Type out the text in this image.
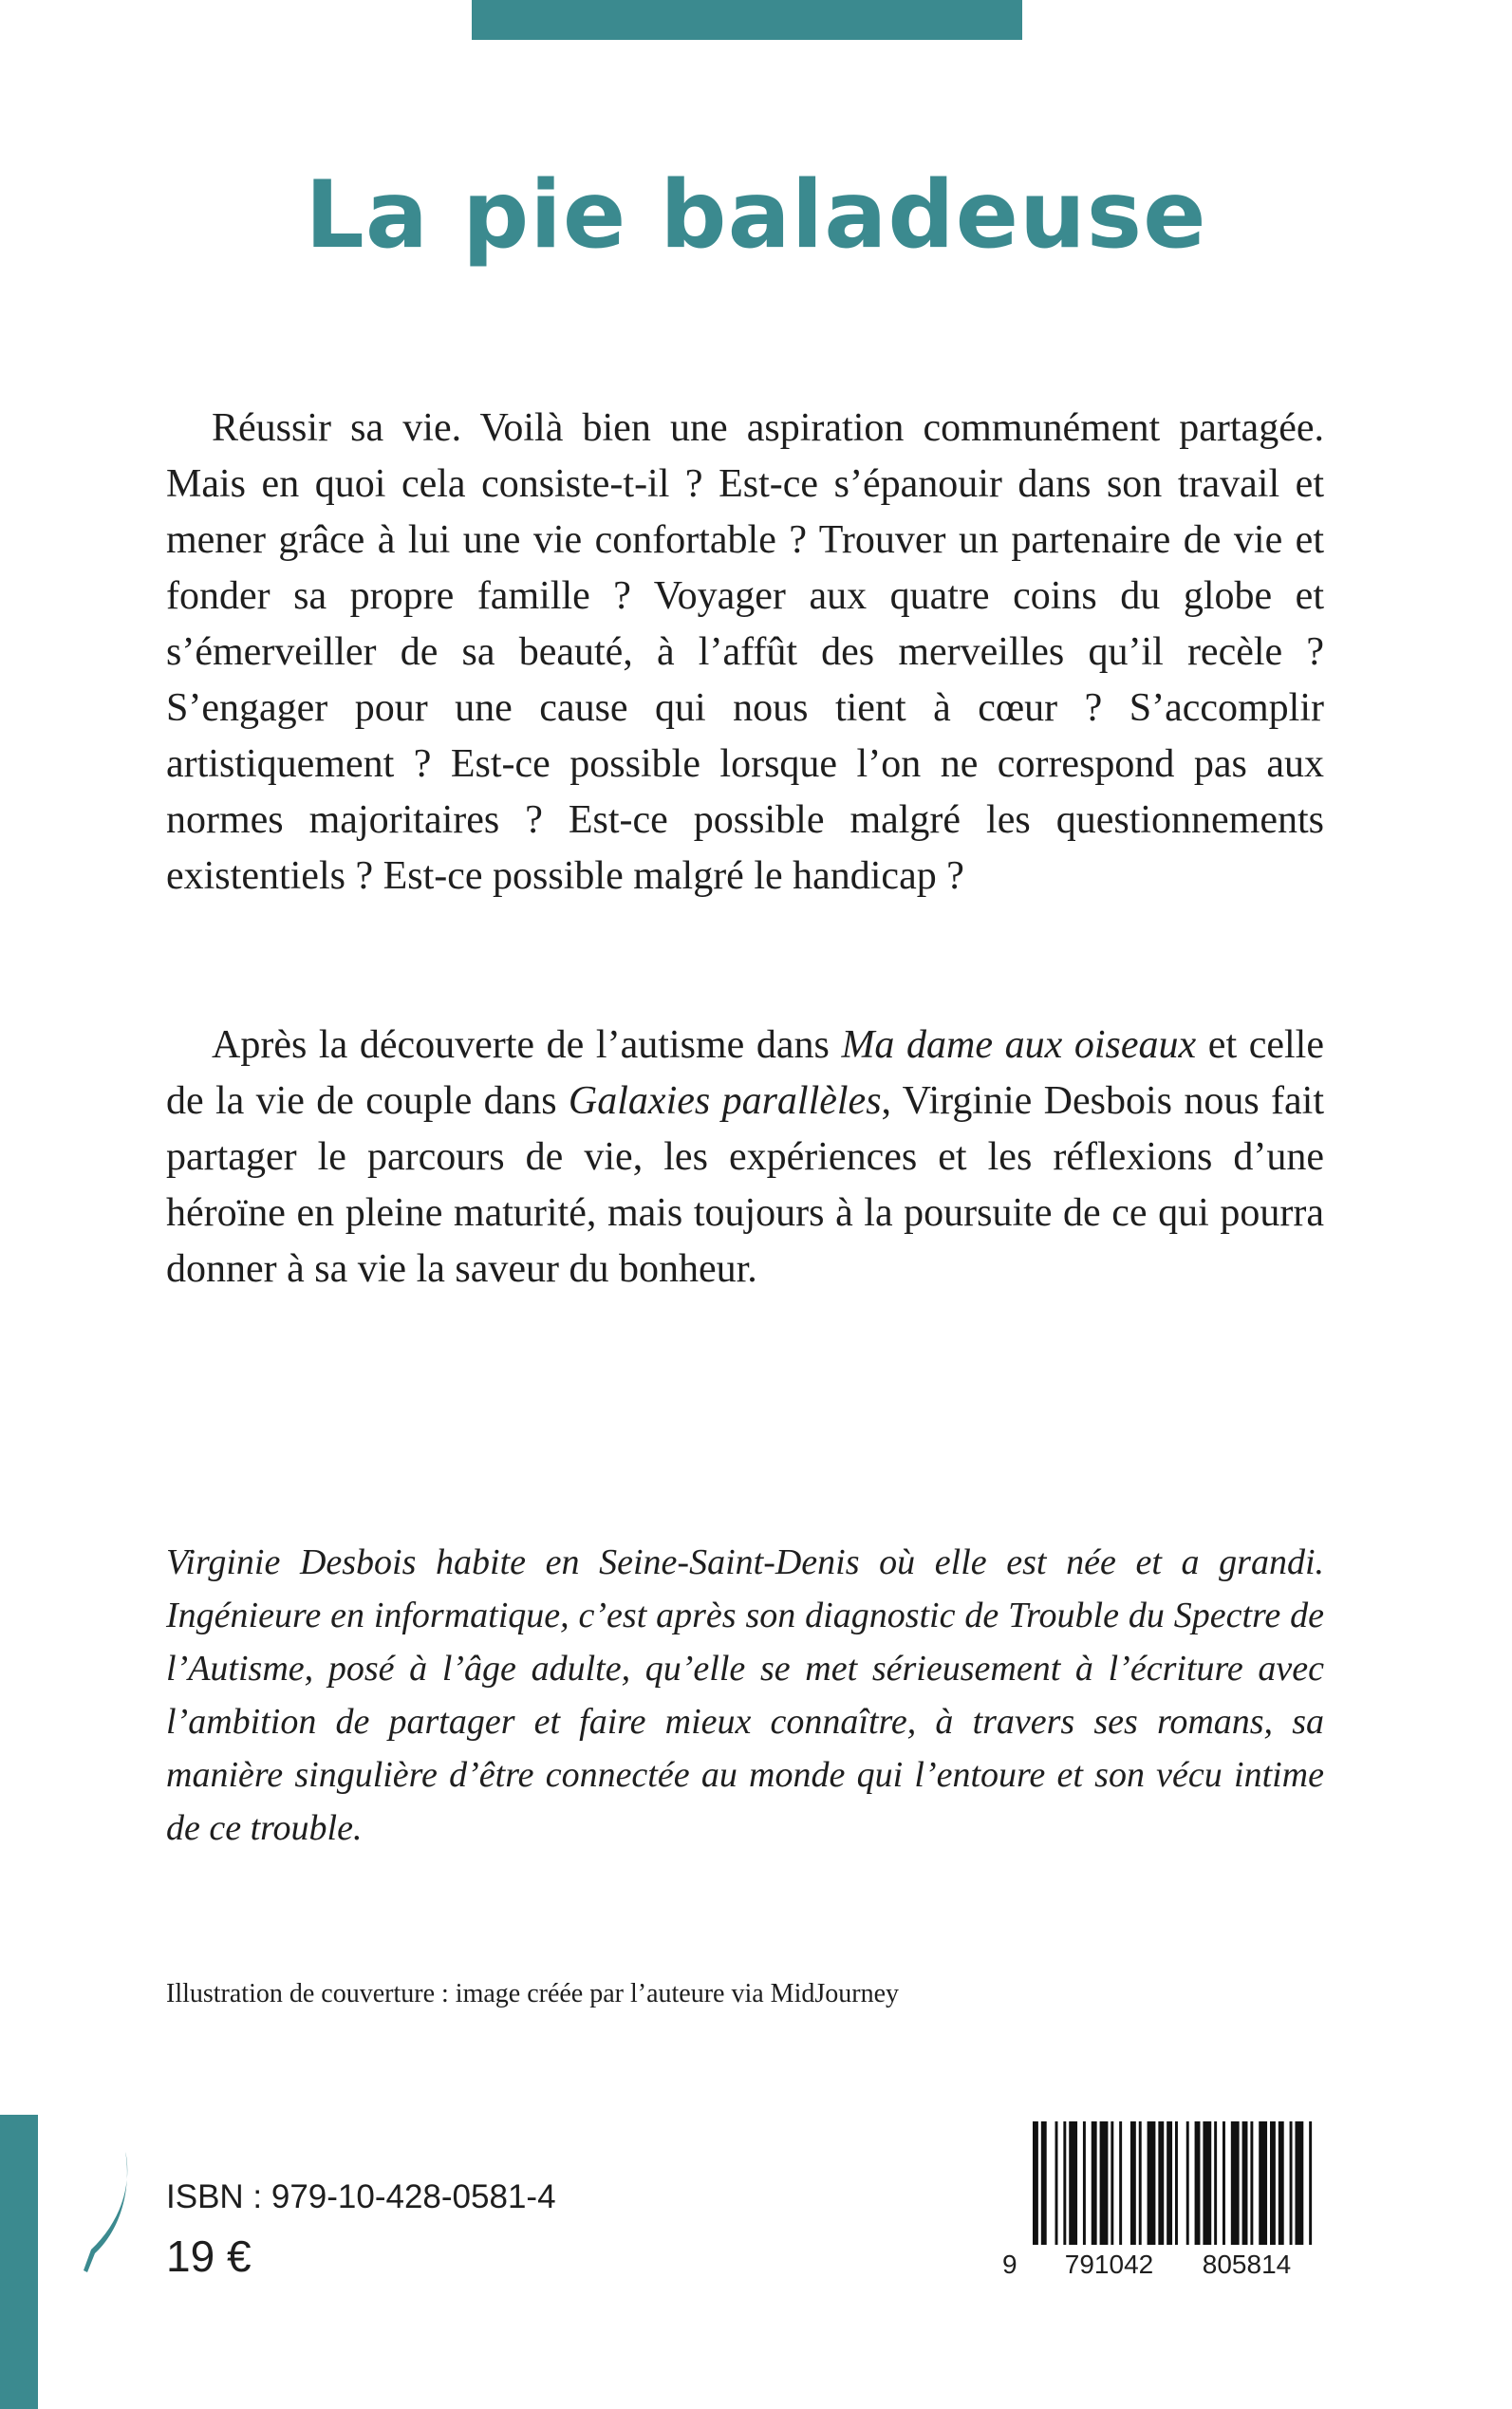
La pie baladeuse

Réussir sa vie. Voilà bien une aspiration communément partagée. Mais en quoi cela consiste-t-il ? Est-ce s’épanouir dans son travail et mener grâce à lui une vie confortable ? Trouver un partenaire de vie et fonder sa propre famille ? Voyager aux quatre coins du globe et s’émerveiller de sa beauté, à l’affût des merveilles qu’il recèle ? S’engager pour une cause qui nous tient à cœur ? S’accomplir artistiquement ? Est-ce possible lorsque l’on ne correspond pas aux normes majoritaires ? Est-ce possible malgré les questionnements existentiels ? Est-ce possible malgré le handicap ?

Après la découverte de l’autisme dans Ma dame aux oiseaux et celle de la vie de couple dans Galaxies parallèles, Virginie Desbois nous fait partager le parcours de vie, les expériences et les réflexions d’une héroïne en pleine maturité, mais toujours à la poursuite de ce qui pourra donner à sa vie la saveur du bonheur.

Virginie Desbois habite en Seine-Saint-Denis où elle est née et a grandi. Ingénieure en informatique, c’est après son diagnostic de Trouble du Spectre de l’Autisme, posé à l’âge adulte, qu’elle se met sérieusement à l’écriture avec l’ambition de partager et faire mieux connaître, à travers ses romans, sa manière singulière d’être connectée au monde qui l’entoure et son vécu intime de ce trouble.

Illustration de couverture : image créée par l’auteure via MidJourney

ISBN : 979-10-428-0581-4

19 €	9 791042 805814
